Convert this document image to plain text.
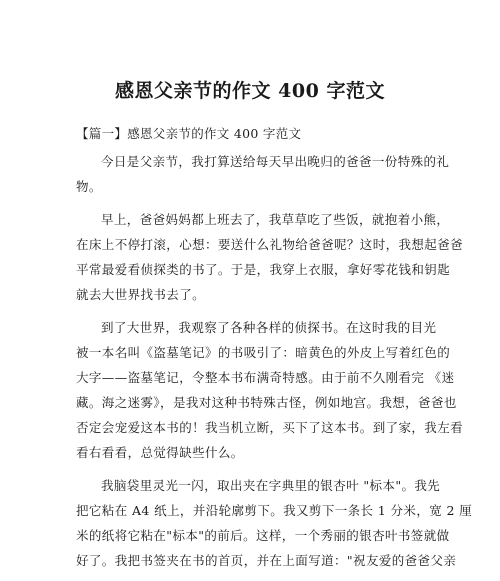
感恩父亲节的作文 400 字范文

【篇一】感恩父亲节的作文 400 字范文

今日是父亲节，我打算送给每天早出晚归的爸爸一份特殊的礼
物。

早上，爸爸妈妈都上班去了，我草草吃了些饭，就抱着小熊，
在床上不停打滚，心想：要送什么礼物给爸爸呢？这时，我想起爸爸
平常最爱看侦探类的书了。于是，我穿上衣服，拿好零花钱和钥匙
就去大世界找书去了。

到了大世界，我观察了各种各样的侦探书。在这时我的目光
被一本名叫《盗墓笔记》的书吸引了：暗黄色的外皮上写着红色的
大字——盗墓笔记，令整本书布满奇特感。由于前不久刚看完 《迷
藏。海之迷雾》，是我对这种书特殊古怪，例如地宫。我想，爸爸也
否定会宠爱这本书的！我当机立断，买下了这本书。到了家，我左看
看右看看，总觉得缺些什么。

我脑袋里灵光一闪，取出夹在字典里的银杏叶 "标本"。我先
把它粘在 A4 纸上，并沿轮廓剪下。我又剪下一条长 1 分米，宽 2 厘
米的纸将它粘在"标本"的前后。这样，一个秀丽的银杏叶书签就做
好了。我把书签夹在书的首页，并在上面写道："祝友爱的爸爸父亲
